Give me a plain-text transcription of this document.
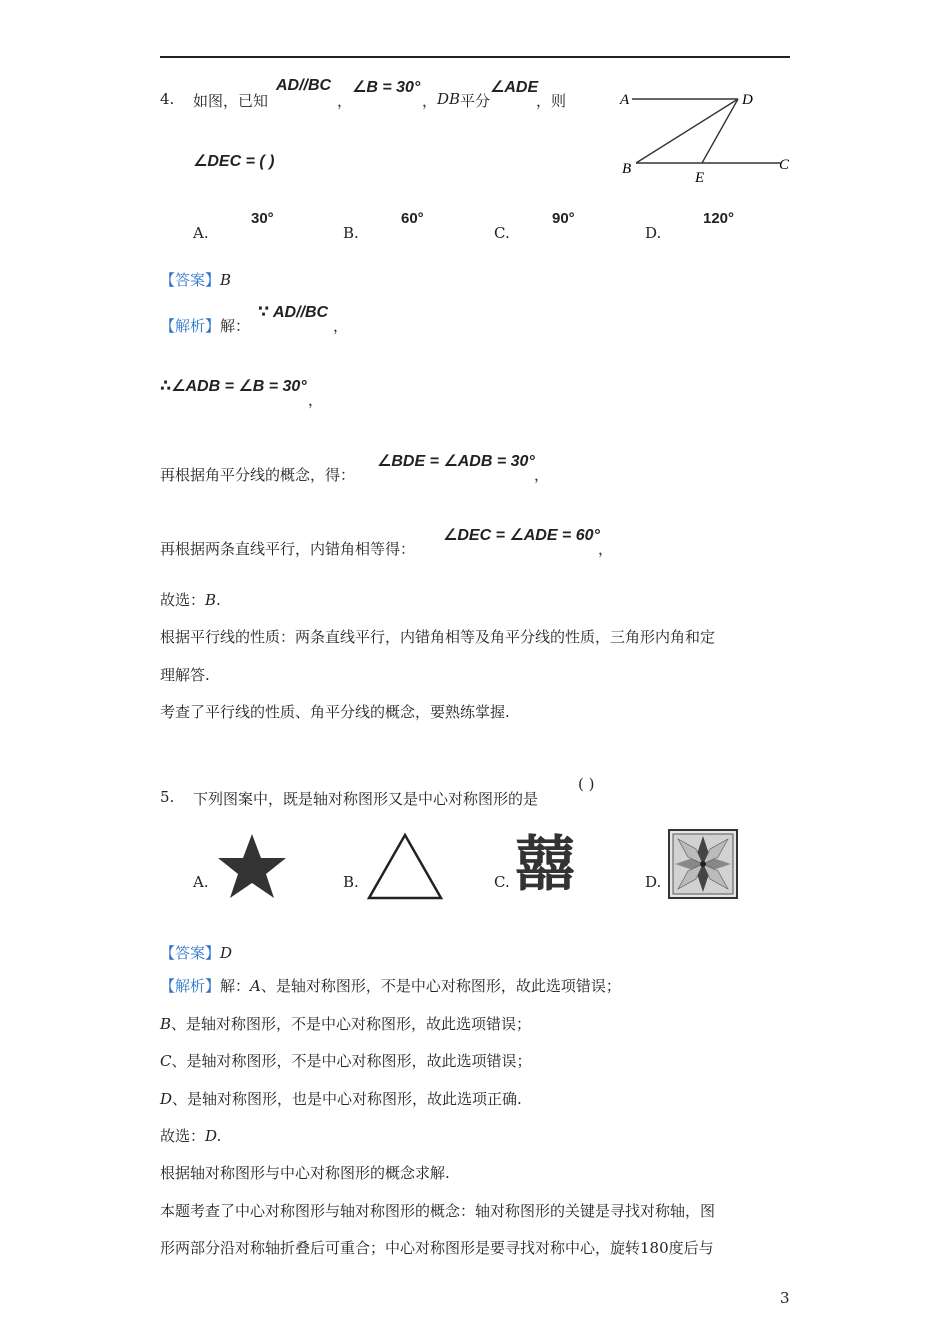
4. 如图，已知
AD//BC
，
∠B = 30°
， DB 平分
∠ADE
，则
∠DEC = ( )
A	D
B
E
C
A.
30°
B.
60°
C.
90°
D.
120°
【答案】B
【解析】解：
∵ AD//BC
，
∴∠ADB = ∠B = 30°
，
再根据角平分线的概念，得：
∠BDE = ∠ADB = 30°
，
再根据两条直线平行，内错角相等得：
∠DEC = ∠ADE = 60°
，
故选：B.
根据平行线的性质：两条直线平行，内错角相等及角平分线的性质，三角形内角和定
理解答.
考查了平行线的性质、角平分线的概念，要熟练掌握.
5. 下列图案中，既是轴对称图形又是中心对称图形的是
( )
A.	B.	C. 囍	D.
【答案】D
【解析】解：A、是轴对称图形，不是中心对称图形，故此选项错误；
B、是轴对称图形，不是中心对称图形，故此选项错误；
C、是轴对称图形，不是中心对称图形，故此选项错误；
D、是轴对称图形，也是中心对称图形，故此选项正确.
故选：D.
根据轴对称图形与中心对称图形的概念求解.
本题考查了中心对称图形与轴对称图形的概念：轴对称图形的关键是寻找对称轴，图
形两部分沿对称轴折叠后可重合；中心对称图形是要寻找对称中心，旋转180度后与
3
